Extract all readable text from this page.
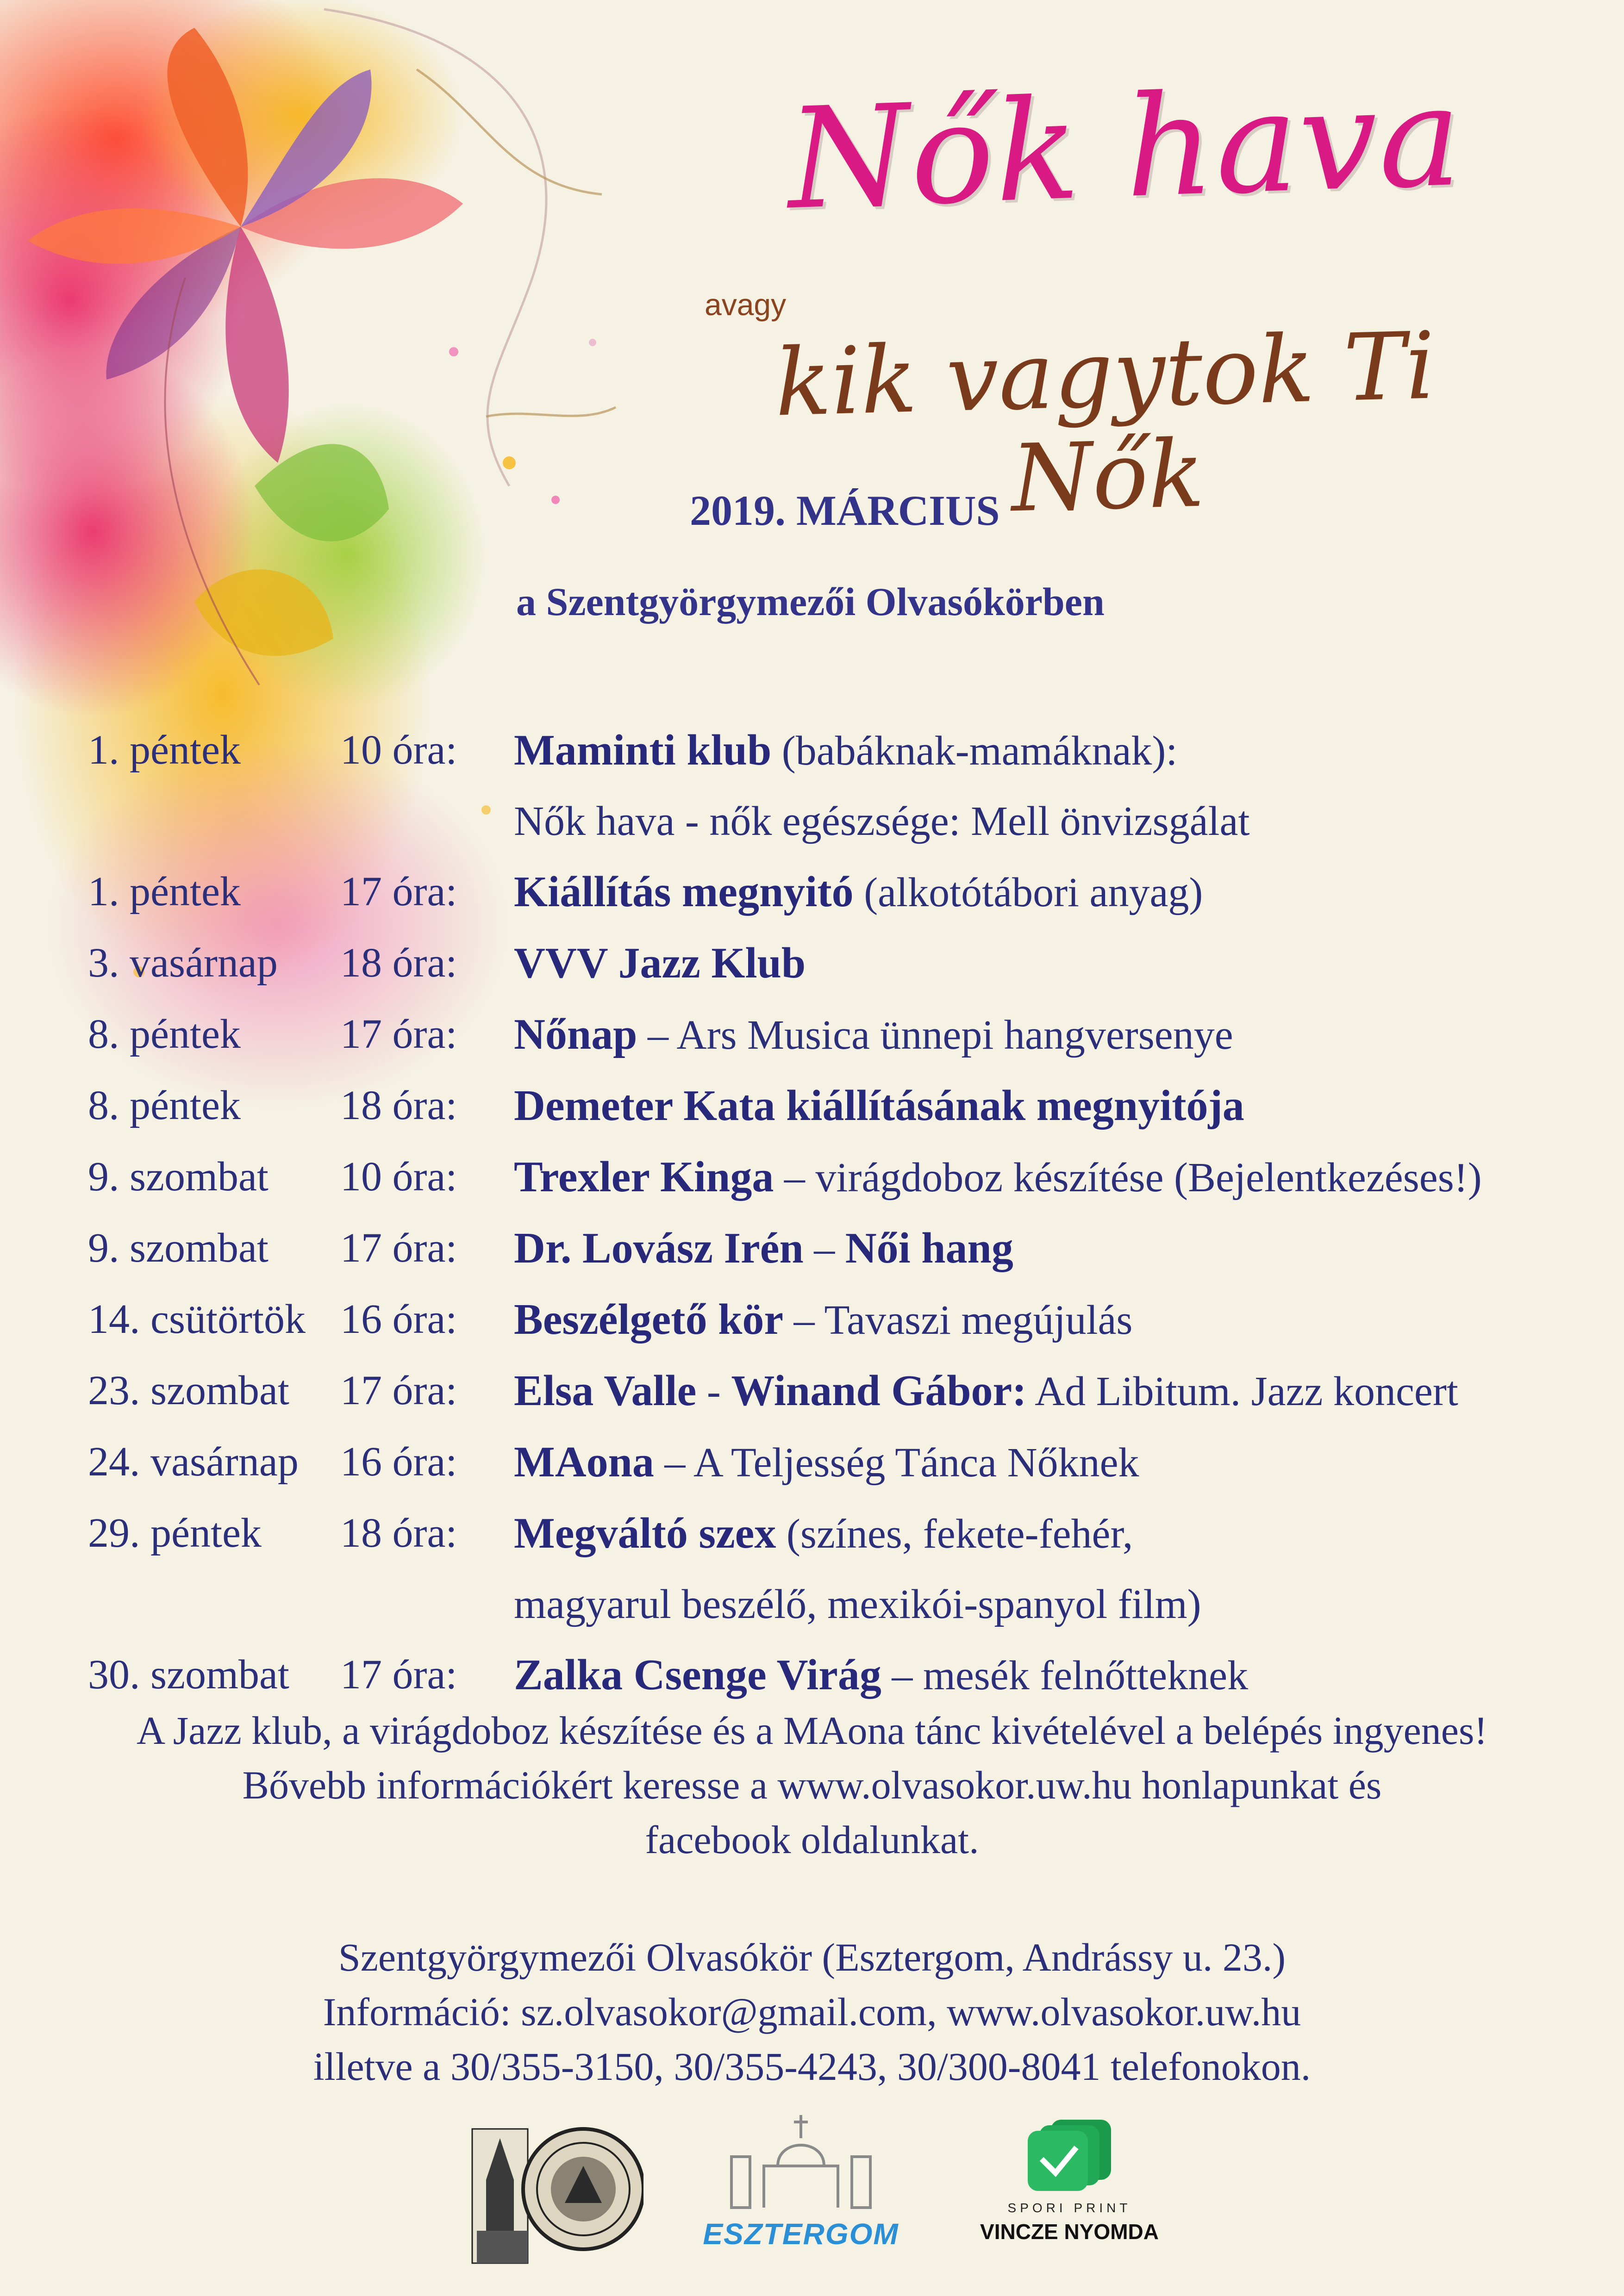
Nők hava
avagy
kik vagytok Ti Nők
2019. MÁRCIUS
a Szentgyörgymezői Olvasókörben
1. péntek	10 óra:	Maminti klub (babáknak-mamáknak):
Nők hava - nők egészsége: Mell önvizsgálat
1. péntek	17 óra:	Kiállítás megnyitó (alkotótábori anyag)
3. vasárnap	18 óra:	VVV Jazz Klub
8. péntek	17 óra:	Nőnap – Ars Musica ünnepi hangversenye
8. péntek	18 óra:	Demeter Kata kiállításának megnyitója
9. szombat	10 óra:	Trexler Kinga – virágdoboz készítése (Bejelentkezéses!)
9. szombat	17 óra:	Dr. Lovász Irén – Női hang
14. csütörtök 16 óra:	Beszélgető kör – Tavaszi megújulás
23. szombat	17 óra:	Elsa Valle - Winand Gábor: Ad Libitum. Jazz koncert
24. vasárnap	16 óra:	MAona – A Teljesség Tánca Nőknek
29. péntek	18 óra:	Megváltó szex (színes, fekete-fehér,
magyarul beszélő, mexikói-spanyol film)
30. szombat	17 óra:	Zalka Csenge Virág – mesék felnőtteknek

A Jazz klub, a virágdoboz készítése és a MAona tánc kivételével a belépés ingyenes!

Bővebb információkért keresse a www.olvasokor.uw.hu honlapunkat és

facebook oldalunkat.

Szentgyörgymezői Olvasókör (Esztergom, Andrássy u. 23.)

Információ: sz.olvasokor@gmail.com, www.olvasokor.uw.hu

illetve a 30/355-3150, 30/355-4243, 30/300-8041 telefonokon.

ESZTERGOM
SPORI PRINT
VINCZE NYOMDA
